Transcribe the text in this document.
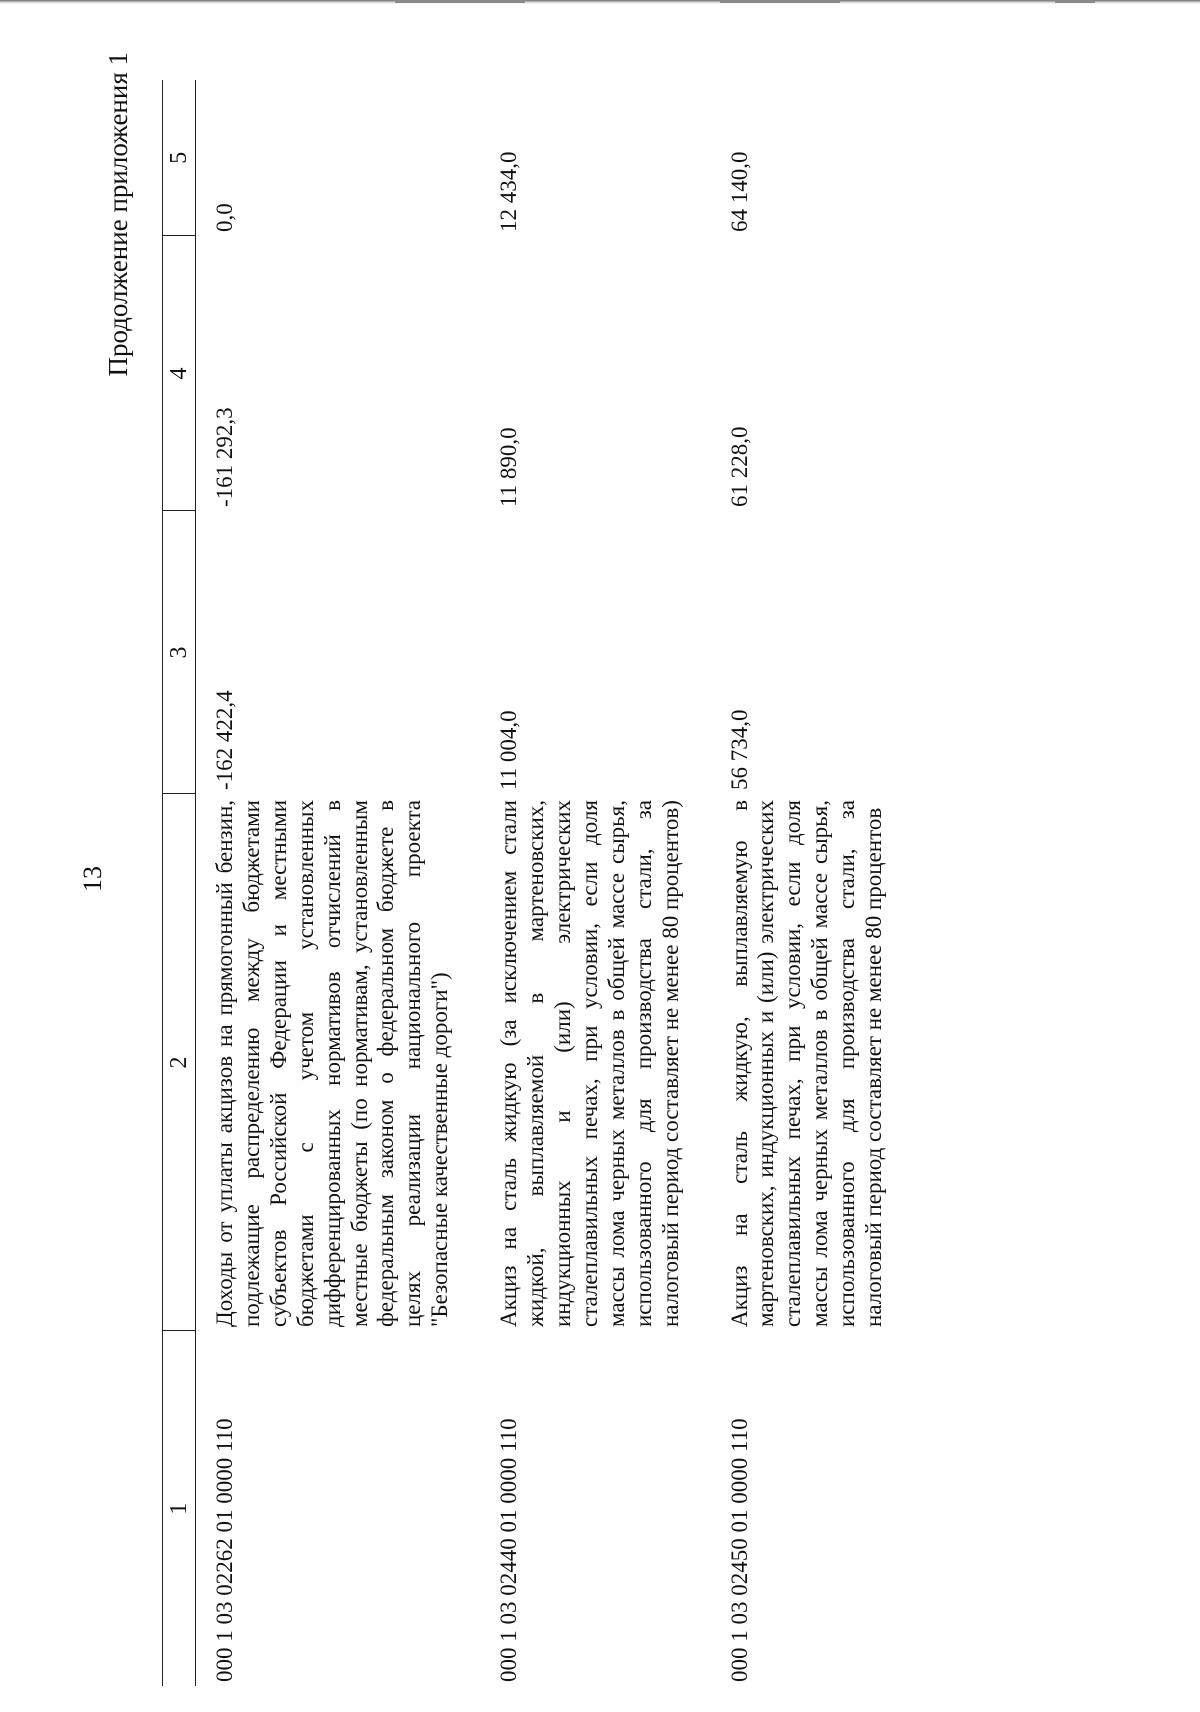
13
Продолжение приложения 1
1	2	3	4	5
000 1 03 02262 01 0000 110	Доходы от уплаты акцизов на прямогонный бензин, подлежащие распределению между бюджетами субъектов Российской Федерации и местными бюджетами с учетом установленных дифференцированных нормативов отчислений в местные бюджеты (по нормативам, установленным федеральным законом о федеральном бюджете в целях реализации национального проекта "Безопасные качественные дороги")	-162 422,4	-161 292,3	0,0
000 1 03 02440 01 0000 110	Акциз на сталь жидкую (за исключением стали жидкой, выплавляемой в мартеновских, индукционных и (или) электрических сталеплавильных печах, при условии, если доля массы лома черных металлов в общей массе сырья, использованного для производства стали, за налоговый период составляет не менее 80 процентов)	11 004,0	11 890,0	12 434,0
000 1 03 02450 01 0000 110	Акциз на сталь жидкую, выплавляемую в мартеновских, индукционных и (или) электрических сталеплавильных печах, при условии, если доля массы лома черных металлов в общей массе сырья, использованного для производства стали, за налоговый период составляет не менее 80 процентов	56 734,0	61 228,0	64 140,0
